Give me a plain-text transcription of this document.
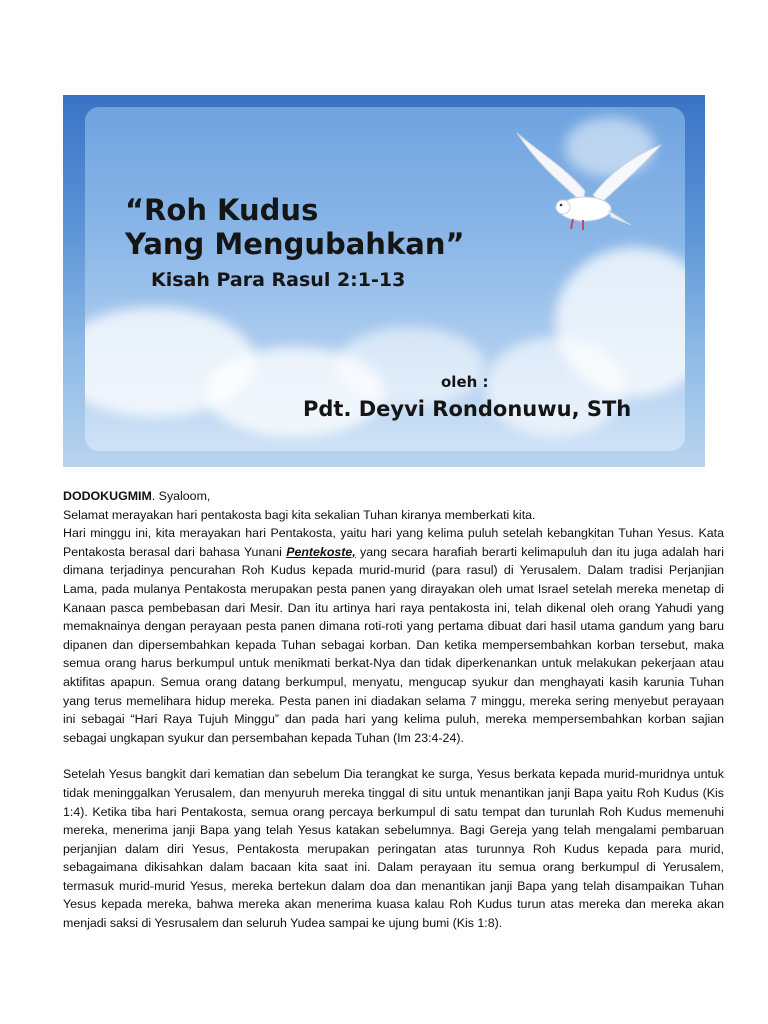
“Roh Kudus
Yang Mengubahkan”
Kisah Para Rasul 2:1-13
oleh :
Pdt. Deyvi Rondonuwu, STh

DODOKUGMIM. Syaloom,

Selamat merayakan hari pentakosta bagi kita sekalian Tuhan kiranya memberkati kita.

Hari minggu ini, kita merayakan hari Pentakosta, yaitu hari yang kelima puluh setelah kebangkitan Tuhan Yesus. Kata Pentakosta berasal dari bahasa Yunani Pentekoste, yang secara harafiah berarti kelimapuluh dan itu juga adalah hari dimana terjadinya pencurahan Roh Kudus kepada murid-murid (para rasul) di Yerusalem. Dalam tradisi Perjanjian Lama, pada mulanya Pentakosta merupakan pesta panen yang dirayakan oleh umat Israel setelah mereka menetap di Kanaan pasca pembebasan dari Mesir. Dan itu artinya hari raya pentakosta ini, telah dikenal oleh orang Yahudi yang memaknainya dengan perayaan pesta panen dimana roti-roti yang pertama dibuat dari hasil utama gandum yang baru dipanen dan dipersembahkan kepada Tuhan sebagai korban. Dan ketika mempersembahkan korban tersebut, maka semua orang harus berkumpul untuk menikmati berkat-Nya dan tidak diperkenankan untuk melakukan pekerjaan atau aktifitas apapun. Semua orang datang berkumpul, menyatu, mengucap syukur dan menghayati kasih karunia Tuhan yang terus memelihara hidup mereka. Pesta panen ini diadakan selama 7 minggu, mereka sering menyebut perayaan ini sebagai “Hari Raya Tujuh Minggu” dan pada hari yang kelima puluh, mereka mempersembahkan korban sajian sebagai ungkapan syukur dan persembahan kepada Tuhan (Im 23:4-24).

Setelah Yesus bangkit dari kematian dan sebelum Dia terangkat ke surga, Yesus berkata kepada murid-muridnya untuk tidak meninggalkan Yerusalem, dan menyuruh mereka tinggal di situ untuk menantikan janji Bapa yaitu Roh Kudus (Kis 1:4). Ketika tiba hari Pentakosta, semua orang percaya berkumpul di satu tempat dan turunlah Roh Kudus memenuhi mereka, menerima janji Bapa yang telah Yesus katakan sebelumnya. Bagi Gereja yang telah mengalami pembaruan perjanjian dalam diri Yesus, Pentakosta merupakan peringatan atas turunnya Roh Kudus kepada para murid, sebagaimana dikisahkan dalam bacaan kita saat ini. Dalam perayaan itu semua orang berkumpul di Yerusalem, termasuk murid-murid Yesus, mereka bertekun dalam doa dan menantikan janji Bapa yang telah disampaikan Tuhan Yesus kepada mereka, bahwa mereka akan menerima kuasa kalau Roh Kudus turun atas mereka dan mereka akan menjadi saksi di Yesrusalem dan seluruh Yudea sampai ke ujung bumi (Kis 1:8).
